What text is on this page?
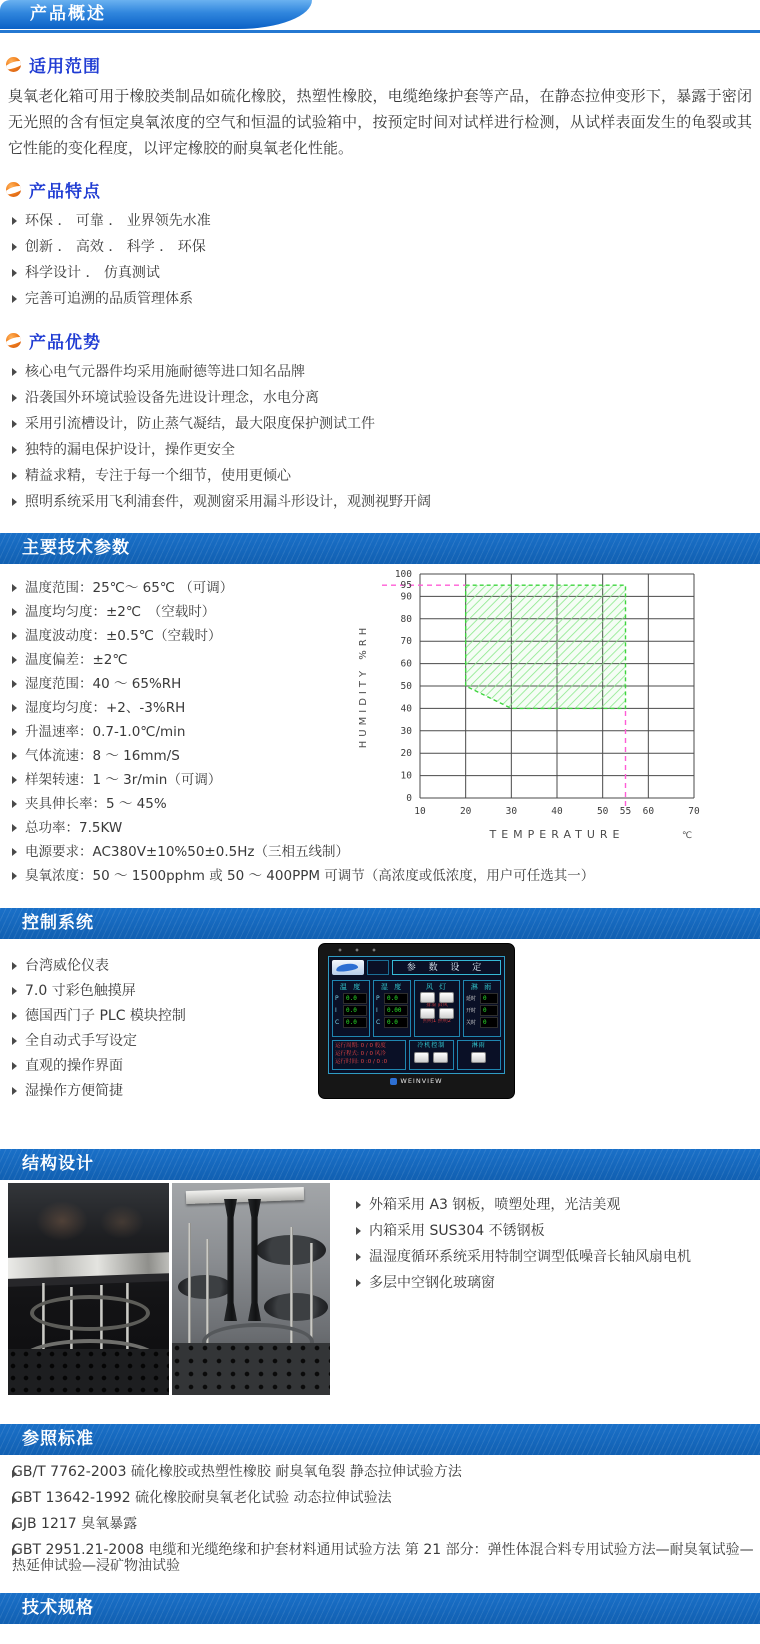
产品概述
适用范围

臭氧老化箱可用于橡胶类制品如硫化橡胶，热塑性橡胶，电缆绝缘护套等产品，在静态拉伸变形下，暴露于密闭无光照的含有恒定臭氧浓度的空气和恒温的试验箱中，按预定时间对试样进行检测，从试样表面发生的龟裂或其它性能的变化程度，以评定橡胶的耐臭氧老化性能。

产品特点
环保 ． 可靠 ． 业界领先水准
创新 ． 高效 ． 科学 ． 环保
科学设计 ． 仿真测试
完善可追溯的品质管理体系
产品优势
核心电气元器件均采用施耐德等进口知名品牌
沿袭国外环境试验设备先进设计理念，水电分离
采用引流槽设计，防止蒸气凝结，最大限度保护测试工件
独特的漏电保护设计，操作更安全
精益求精，专注于每一个细节，使用更倾心
照明系统采用飞利浦套件，观测窗采用漏斗形设计，观测视野开阔
主要技术参数
温度范围：25℃～ 65℃ （可调）
温度均匀度：±2℃　（空载时）
温度波动度：±0.5℃（空载时）
温度偏差：±2℃
湿度范围：40 ～ 65%RH
湿度均匀度：+2、-3%RH
升温速率：0.7-1.0℃/min
气体流速：8 ～ 16mm/S
样架转速：1 ～ 3r/min（可调）
夹具伸长率：5 ～ 45%
总功率：7.5KW
电源要求：AC380V±10%50±0.5Hz（三相五线制）
臭氧浓度：50 ～ 1500pphm 或 50 ～ 400PPM 可调节（高浓度或低浓度，用户可任选其一）
0
10
20
30
40
50
60
70
80
90
95
100
10	20	30	40	50 55 60	70
TEMPERATURE	℃
HUMIDITY %RH
控制系统
台湾威伦仪表
7.0 寸彩色触摸屏
德国西门子 PLC 模块控制
全自动式手写设定
直观的操作界面
湿操作方便简捷
参 数 设 定
温 度
P	0.0
I	0.0
C	0.0
湿 度
P	0.0
I	0.00
C	0.0
风 灯
排湿 鼓风
照明1 照明2
淋 雨
延时	0
开时	0
关时	0
运行周期: 0 / 0 般度
运行程式: 0 / 0 风冷
运行时间: 0 :0 / 0 :0
冷机控制	淋雨
WEINVIEW
结构设计
外箱采用 A3 钢板，喷塑处理，光洁美观
内箱采用 SUS304 不锈钢板
温湿度循环系统采用特制空调型低噪音长轴风扇电机
多层中空钢化玻璃窗
参照标准
GB/T 7762-2003 硫化橡胶或热塑性橡胶 耐臭氧龟裂 静态拉伸试验方法
GBT 13642-1992 硫化橡胶耐臭氧老化试验 动态拉伸试验法
GJB 1217 臭氧暴露
GBT 2951.21-2008 电缆和光缆绝缘和护套材料通用试验方法 第 21 部分：弹性体混合料专用试验方法—耐臭氧试验—热延伸试验—浸矿物油试验
技术规格
